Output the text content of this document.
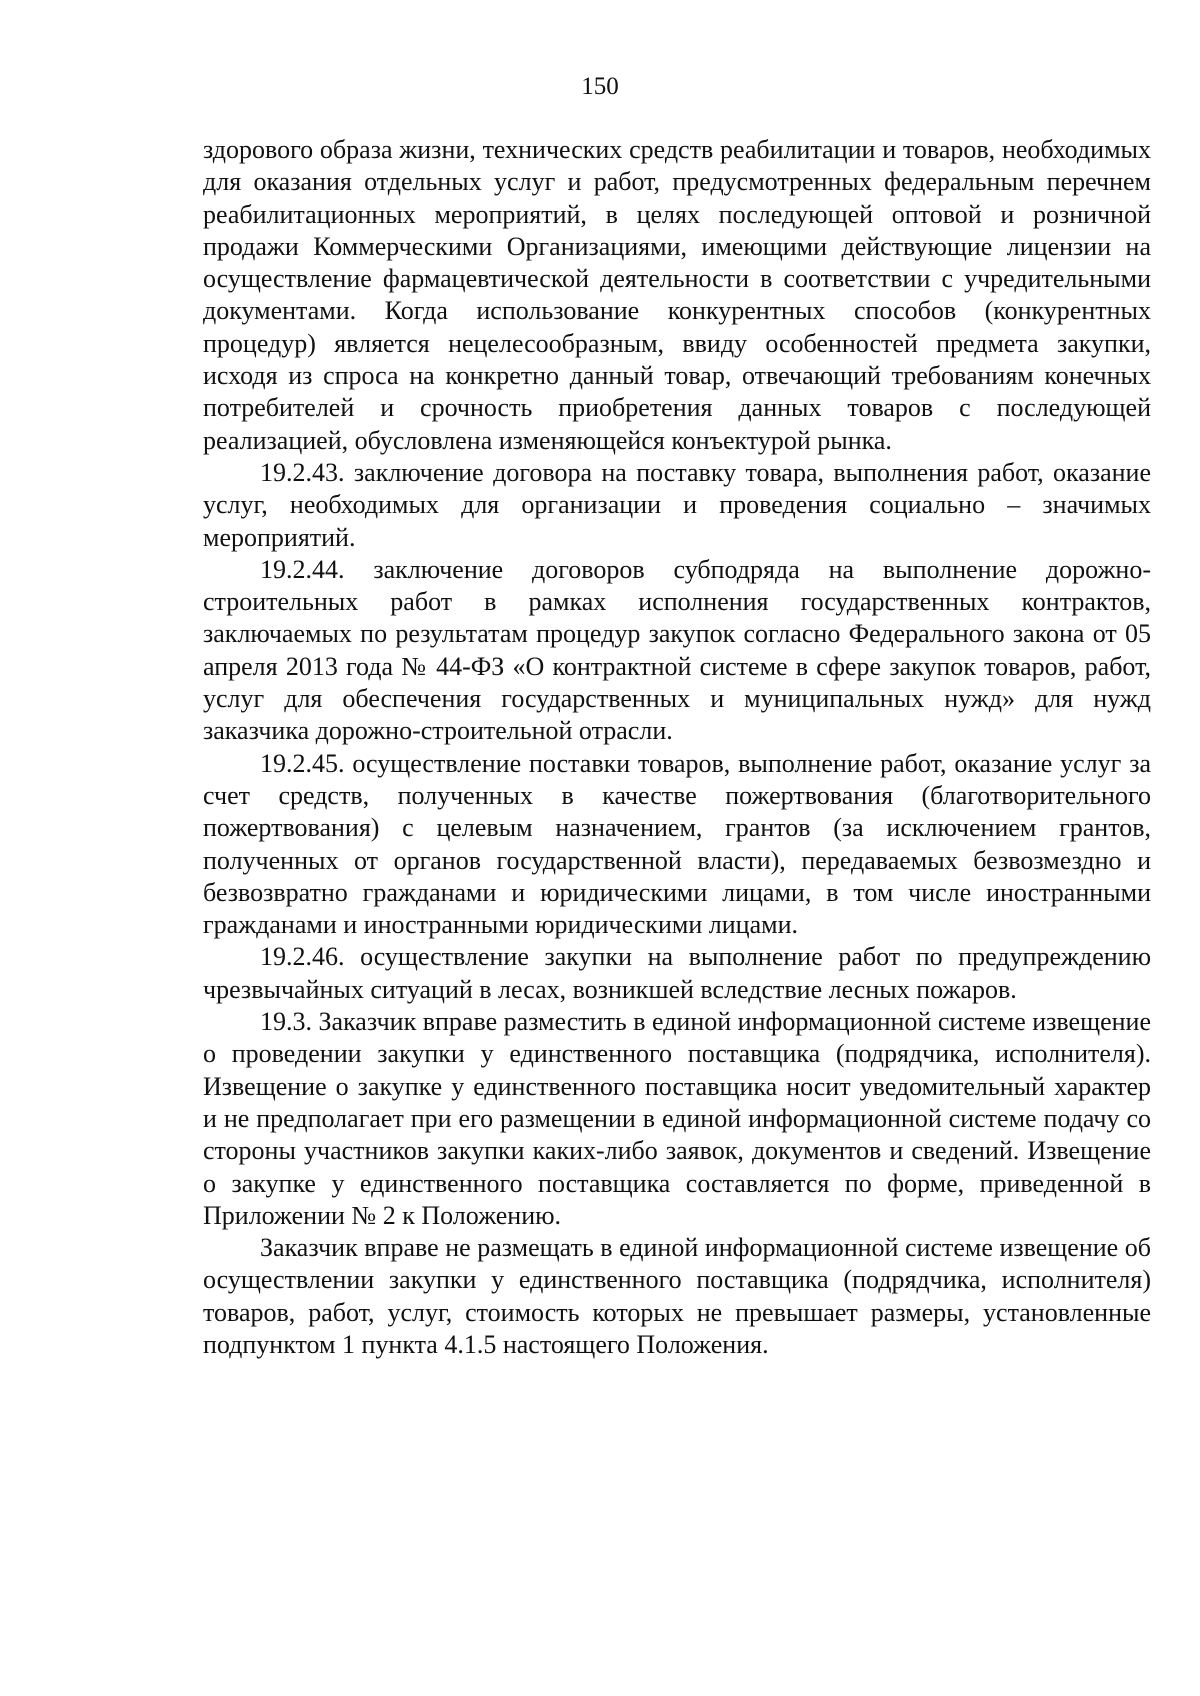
150

здорового образа жизни, технических средств реабилитации и товаров, необходимых для оказания отдельных услуг и работ, предусмотренных федеральным перечнем реабилитационных мероприятий, в целях последующей оптовой и розничной продажи Коммерческими Организациями, имеющими действующие лицензии на осуществление фармацевтической деятельности в соответствии с учредительными документами. Когда использование конкурентных способов (конкурентных процедур) является нецелесообразным, ввиду особенностей предмета закупки, исходя из спроса на конкретно данный товар, отвечающий требованиям конечных потребителей и срочность приобретения данных товаров с последующей реализацией, обусловлена изменяющейся конъектурой рынка.

19.2.43. заключение договора на поставку товара, выполнения работ, оказание услуг, необходимых для организации и проведения социально – значимых мероприятий.

19.2.44. заключение договоров субподряда на выполнение дорожно-строительных работ в рамках исполнения государственных контрактов, заключаемых по результатам процедур закупок согласно Федерального закона от 05 апреля 2013 года № 44-ФЗ «О контрактной системе в сфере закупок товаров, работ, услуг для обеспечения государственных и муниципальных нужд» для нужд заказчика дорожно-строительной отрасли.

19.2.45. осуществление поставки товаров, выполнение работ, оказание услуг за счет средств, полученных в качестве пожертвования (благотворительного пожертвования) с целевым назначением, грантов (за исключением грантов, полученных от органов государственной власти), передаваемых безвозмездно и безвозвратно гражданами и юридическими лицами, в том числе иностранными гражданами и иностранными юридическими лицами.

19.2.46. осуществление закупки на выполнение работ по предупреждению чрезвычайных ситуаций в лесах, возникшей вследствие лесных пожаров.

19.3. Заказчик вправе разместить в единой информационной системе извещение о проведении закупки у единственного поставщика (подрядчика, исполнителя). Извещение о закупке у единственного поставщика носит уведомительный характер и не предполагает при его размещении в единой информационной системе подачу со стороны участников закупки каких-либо заявок, документов и сведений. Извещение о закупке у единственного поставщика составляется по форме, приведенной в Приложении № 2 к Положению.

Заказчик вправе не размещать в единой информационной системе извещение об осуществлении закупки у единственного поставщика (подрядчика, исполнителя) товаров, работ, услуг, стоимость которых не превышает размеры, установленные подпунктом 1 пункта 4.1.5 настоящего Положения.
